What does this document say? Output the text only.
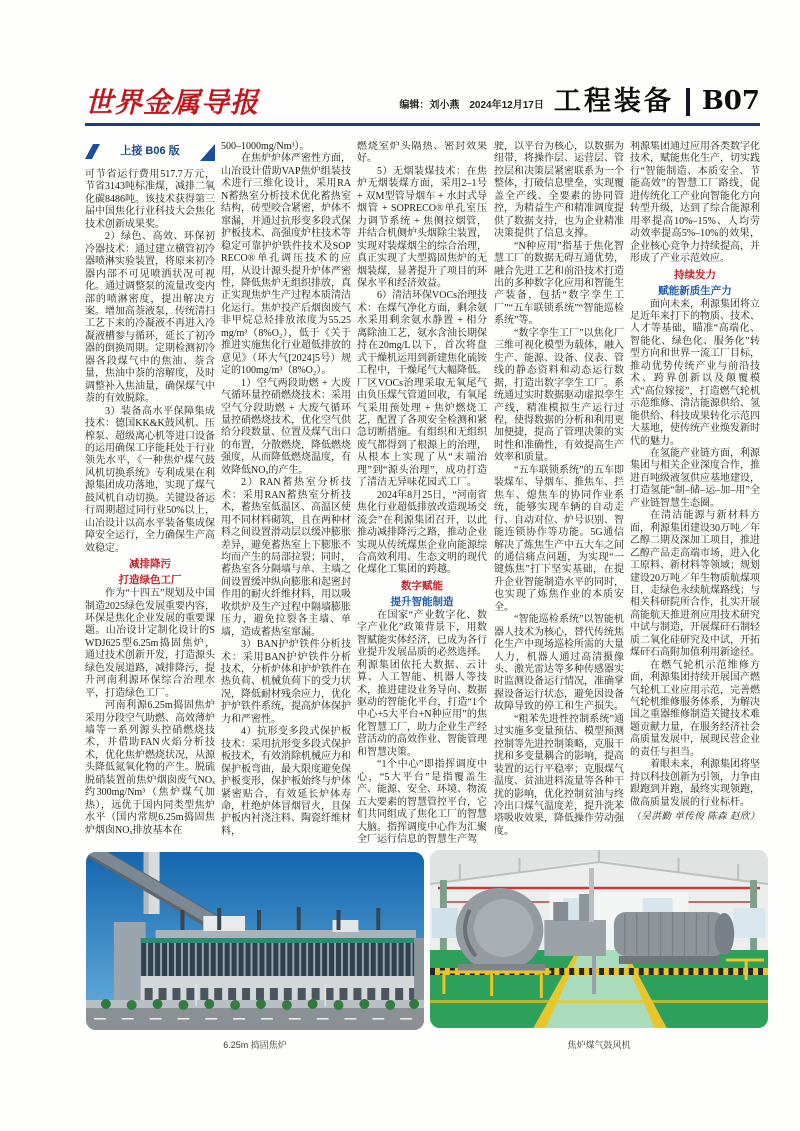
世界金属导报	编辑：刘小燕 2024年12月17日 工程装备 B07
上接 B06 版

可节省运行费用517.7万元，节省3143吨标准煤，减排二氧化碳8486吨。该技术获得第三届中国焦化行业科技大会焦化技术创新成果奖。

2）绿色、高效、环保初冷器技术：通过建立横管初冷器喷淋实验装置，将原来初冷器内部不可见喷洒状况可视化。通过调整泵的流量改变内部的喷淋密度，提出解决方案。增加高萘液泵，传统清扫工艺下来的冷凝液不再进入冷凝液槽参与循环，延长了初冷器的倒换周期。定期检测初冷器各段煤气中的焦油、萘含量，焦油中萘的溶解度，及时调整补入焦油量，确保煤气中萘的有效脱除。

3）装备高水平保障集成技术：德国KK&K鼓风机、压榨泵、超级离心机等进口设备的运用确保工序能耗处于行业领先水平，《一种焦炉煤气鼓风机切换系统》专利成果在利源集团成功落地，实现了煤气鼓风机自动切换。关键设备运行周期超过同行业50%以上，山冶设计以高水平装备集成保障安全运行，全力确保生产高效稳定。

减排降污
打造绿色工厂

作为“十四五”规划及中国制造2025绿色发展重要内容，环保是焦化企业发展的重要课题。山冶设计定制化设计的SWDJ625型6.25m捣固焦炉，通过技术创新开发，打造源头绿色发展道路，减排降污，提升河南利源环保综合治理水平，打造绿色工厂。

河南利源6.25m捣固焦炉采用分段空气助燃、高效薄炉墙等一系列源头控硝燃烧技术，并借助FAN火焰分析技术，优化焦炉燃烧状况，从源头降低氮氧化物的产生。脱硫脱硝装置前焦炉烟囱废气NOₓ约300mg/Nm³（焦炉煤气加热），远优于国内同类型焦炉水平（国内常规6.25m捣固焦炉烟囱NOₓ排放基本在

500–1000mg/Nm³）。

在焦炉炉体严密性方面，山冶设计借助VAP焦炉组装技术进行三维化设计，采用RAN蓄热室分析技术优化蓄热室结构，砖型咬合紧密，炉体不窜漏，并通过抗形变多段式保护板技术、高强度炉柱技术等稳定可靠护炉铁件技术及SOPRECO®单孔调压技术的应用，从设计源头提升炉体严密性，降低焦炉无组织排放，真正实现焦炉生产过程本质清洁化运行。焦炉投产后烟囱废气非甲烷总烃排放浓度为55.25mg/m³（8%O₂），低于《关于推进实施焦化行业超低排放的意见》（环大气[2024]5号）规定的100mg/m³（8%O₂）。

1）空气两段助燃 + 大废气循环量控硝燃烧技术：采用空气分段助燃 + 大废气循环量控硝燃烧技术，优化空气供给分段数量、位置及煤气出口的布置，分散燃烧，降低燃烧强度，从而降低燃烧温度，有效降低NOₓ的产生。

2）RAN蓄热室分析技术：采用RAN蓄热室分析技术，蓄热室低温区、高温区使用不同材料砌筑，且在两种材料之间设置滑动层以缓冲膨胀差异，避免蓄热室上下膨胀不均而产生的局部拉裂；同时，蓄热室各分隔墙与单、主墙之间设置缓冲纵向膨胀和起密封作用的耐火纤维材料，用以吸收烘炉及生产过程中隔墙膨胀压力，避免拉裂各主墙、单墙，造成蓄热室窜漏。

3）BAN护炉铁件分析技术：采用BAN护炉铁件分析技术，分析炉体和护炉铁件在热负荷、机械负荷下的受力状况，降低耐材残余应力，优化护炉铁件系统，提高炉体保护力和严密性。

4）抗形变多段式保护板技术：采用抗形变多段式保护板技术，有效消除机械应力和保护板弯曲，最大限度避免保护板变形，保护板始终与炉体紧密贴合，有效延长炉体寿命，杜绝炉体冒烟冒火，且保护板内衬浇注料、陶瓷纤维材料，

燃烧室炉头隔热、密封效果好。

5）无烟装煤技术：在焦炉无烟装煤方面，采用2–1号 + 双M型管导烟车 + 水封式导烟管 + SOPRECO®单孔室压力调节系统 + 焦侧拉烟管，并结合机侧炉头烟除尘装置，实现对装煤烟尘的综合治理，真正实现了大型捣固焦炉的无烟装煤，显著提升了项目的环保水平和经济效益。

6）清洁环保VOCs治理技术：在煤气净化方面，剩余氨水采用剩余氨水静置 + 相分离除油工艺，氨水含油长期保持在20mg/L以下，首次将盘式干燥机运用到新建焦化硫铵工程中，干燥尾气大幅降低。厂区VOCs治理采取无氧尾气由负压煤气管道回收，有氧尾气采用预处理 + 焦炉燃烧工艺，配置了各项安全检测和紧急切断措施。有组织和无组织废气都得到了根源上的治理，从根本上实现了从“末端治理”到“源头治理”，成功打造了清洁无异味花园式工厂。

2024年8月25日，“河南省焦化行业超低排放改造现场交流会”在利源集团召开，以此推动减排降污之路，推动企业实现从传统煤焦企业向能源综合高效利用、生态文明的现代化煤化工集团的跨越。

数字赋能
提升智能制造

在国家“产业数字化、数字产业化”政策背景下，用数智赋能实体经济，已成为各行业提升发展品质的必然选择。利源集团依托大数据、云计算、人工智能、机器人等技术，推进建设业务导向、数据驱动的智能化平台，打造“1个中心+5大平台+N种应用”的焦化智慧工厂，助力企业生产经营活动的高效作业、智能管理和智慧决策。

“1个中心”即指挥调度中心，“5大平台”是指覆盖生产、能源、安全、环境、物流五大要素的智慧管控平台，它们共同组成了焦化工厂的智慧大脑。指挥调度中心作为汇聚全厂运行信息的智慧生产驾

驶，以平台为核心，以数据为纽带，将操作层、运营层、管控层和决策层紧密联系为一个整体，打破信息壁垒，实现覆盖全产线、全要素的协同管控，为精益生产和精准调度提供了数据支持，也为企业精准决策提供了信息支撑。

“N种应用”指基于焦化智慧工厂的数据无碍互通优势，融合先进工艺和前沿技术打造出的多种数字化应用和智能生产装备，包括“数字孪生工厂”“五车联锁系统”“智能巡检系统”等。

“数字孪生工厂”以焦化厂三维可视化模型为载体，融入生产、能源、设备、仪表、管线的静态资料和动态运行数据，打造出数字孪生工厂。系统通过实时数据驱动虚拟孪生产线，精准模拟生产运行过程，使得数据的分析和利用更加便捷，提高了管理决策的实时性和准确性，有效提高生产效率和质量。

“五车联锁系统”的五车即装煤车、导烟车、推焦车、拦焦车、熄焦车的协同作业系统，能够实现车辆的自动走行、自动对位、炉号识别、智能连锁协作等功能。5G通信解决了炼焦生产中五大车之间的通信痛点问题，为实现“一键炼焦”打下坚实基础，在提升企业智能制造水平的同时，也实现了炼焦作业的本质安全。

“智能巡检系统”以智能机器人技术为核心，替代传统焦化生产中现场巡检所需的大量人力，机器人通过高清摄像头、激光雷达等多种传感器实时监测设备运行情况，准确掌握设备运行状态，避免因设备故障导致的停工和生产损失。

“粗苯先进性控制系统”通过实施多变量预估、模型预测控制等先进控制策略，克服干扰和多变量耦合的影响，提高装置的运行平稳率；克服煤气温度、贫油进料流量等各种干扰的影响，优化控制贫油与终冷出口煤气温度差，提升洗苯塔吸收效果，降低操作劳动强度。

利源集团通过应用各类数字化技术，赋能焦化生产，切实践行“智能制造、本质安全、节能高效”的智慧工厂路线，促进传统化工产业向智能化方向转型升级，达到了综合能源利用率提高10%–15%、人均劳动效率提高5%–10%的效果，企业核心竞争力持续提高，并形成了产业示范效应。

持续发力
赋能新质生产力

面向未来，利源集团将立足近年来打下的物质、技术、人才等基础，瞄准“高端化、智能化、绿色化、服务化”转型方向和世界一流工厂目标，推动优势传统产业与前沿技术、跨界创新以及颠覆模式“高位嫁接”，打造燃气轮机示范维修、清洁能源供给、氢能供给、科技成果转化示范四大基地，使传统产业焕发新时代的魅力。

在氢能产业链方面，利源集团与相关企业深度合作，推进百吨级液氢供应基地建设，打造氢能“制–储–运–加–用”全产业链智慧生态圈。

在清洁能源与新材料方面，利源集团建设30万吨／年乙醇二期及深加工项目，推进乙醇产品走高端市场，进入化工原料、新材料等领域；规划建设20万吨／年生物质航煤项目，走绿色永续航煤路线；与相关科研院所合作，扎实开展高能航天推进剂应用技术研究中试与制造，开展煤矸石制轻质二氧化硅研究及中试，开拓煤矸石高附加值利用新途径。

在燃气轮机示范维修方面，利源集团持续开展国产燃气轮机工业应用示范，完善燃气轮机维修服务体系，为解决国之重器维修制造关键技术难题贡献力量，在服务经济社会高质量发展中，展现民营企业的责任与担当。

着眼未来，利源集团将坚持以科技创新为引领，力争由跟跑到并跑，最终实现领跑，做高质量发展的行业标杆。

（吴洪勤 单传俊 陈森 赵欣）

6.25m 捣固焦炉	焦炉煤气鼓风机
